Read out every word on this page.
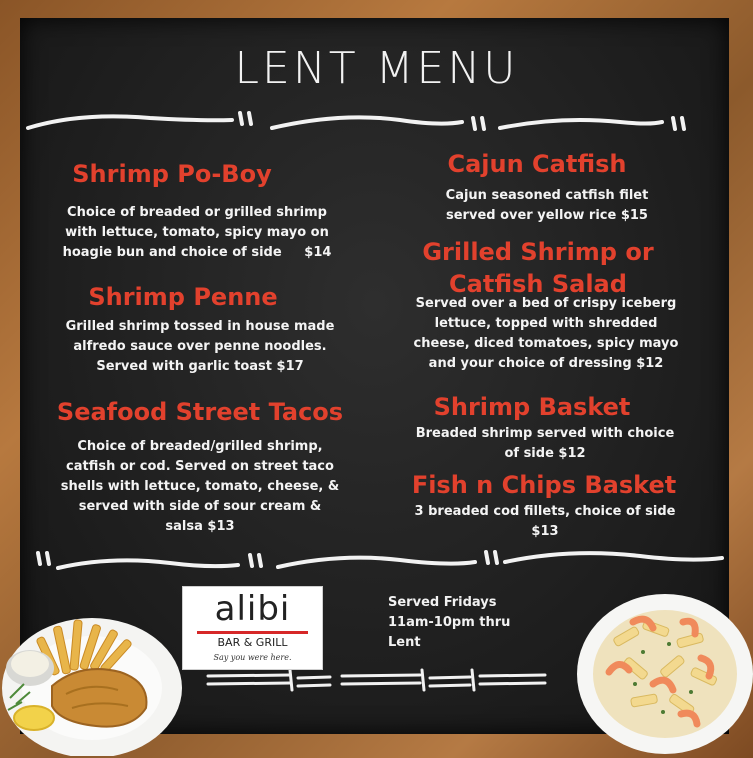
LENT MENU
Shrimp Po-Boy
Choice of breaded or grilled shrimp
with lettuce, tomato, spicy mayo on
hoagie bun and choice of side     $14
Shrimp Penne
Grilled shrimp tossed in house made
alfredo sauce over penne noodles.
Served with garlic toast $17
Seafood Street Tacos
Choice of breaded/grilled shrimp,
catfish or cod. Served on street taco
shells with lettuce, tomato, cheese, &
served with side of sour cream &
salsa $13
Cajun Catfish
Cajun seasoned catfish filet
served over yellow rice $15
Grilled Shrimp or
Catfish Salad
Served over a bed of crispy iceberg
lettuce, topped with shredded
cheese, diced tomatoes, spicy mayo
and your choice of dressing $12
Shrimp Basket
Breaded shrimp served with choice
of side $12
Fish n Chips Basket
3 breaded cod fillets, choice of side
$13
alibi
BAR & GRILL
Say you were here.
Served Fridays
11am-10pm thru
Lent
